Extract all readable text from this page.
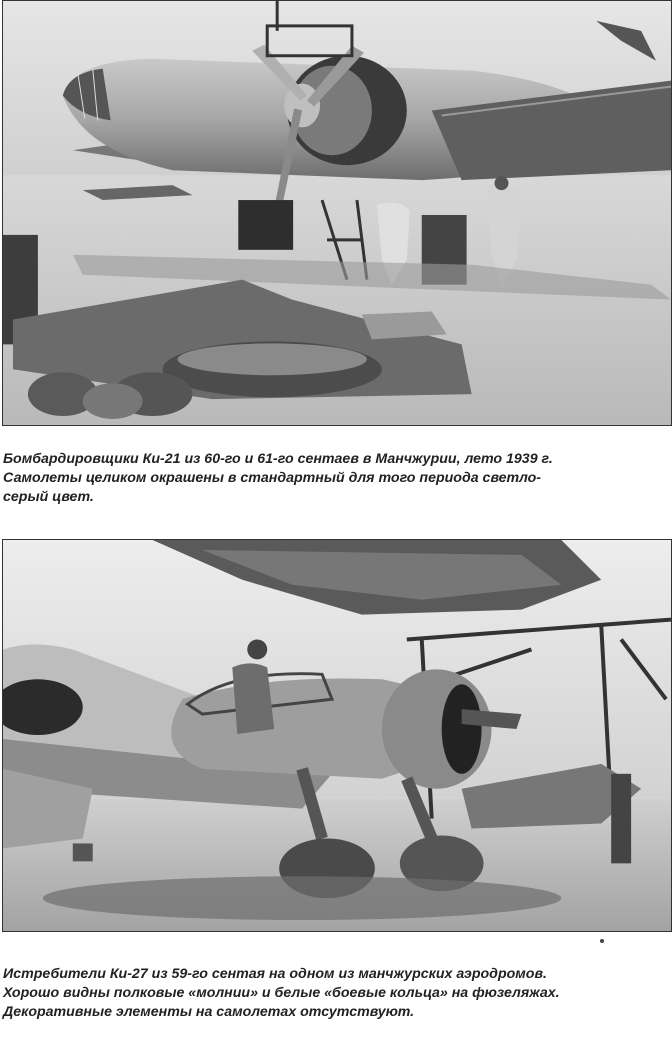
Бомбардировщики Ки-21 из 60-го и 61-го сентаев в Манчжурии, лето 1939 г.
Самолеты целиком окрашены в стандартный для того периода светло-
серый цвет.
Истребители Ки-27 из 59-го сентая на одном из манчжурских аэродромов.
Хорошо видны полковые «молнии» и белые «боевые кольца» на фюзеляжах.
Декоративные элементы на самолетах отсутствуют.
